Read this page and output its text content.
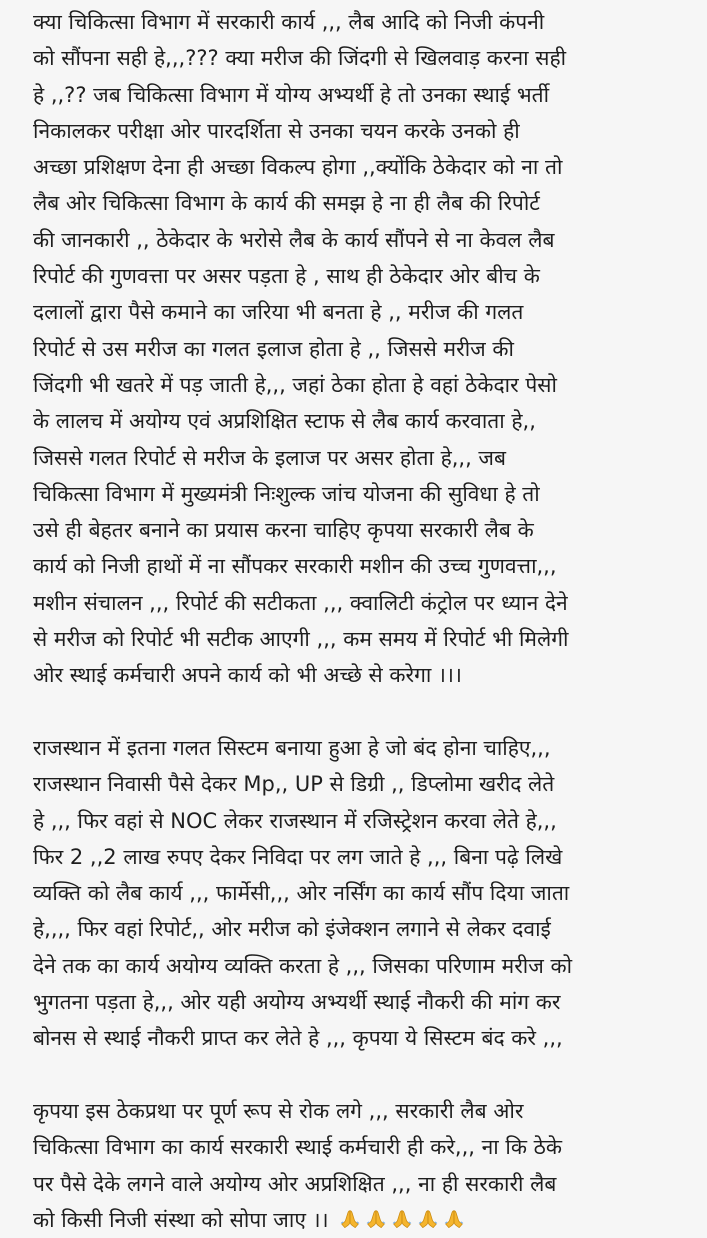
क्या चिकित्सा विभाग में सरकारी कार्य ,,, लैब आदि को निजी कंपनी
को सौंपना सही हे,,,??? क्या मरीज की जिंदगी से खिलवाड़ करना सही
हे ,,?? जब चिकित्सा विभाग में योग्य अभ्यर्थी हे तो उनका स्थाई भर्ती
निकालकर परीक्षा ओर पारदर्शिता से उनका चयन करके उनको ही
अच्छा प्रशिक्षण देना ही अच्छा विकल्प होगा ,,क्योंकि ठेकेदार को ना तो
लैब ओर चिकित्सा विभाग के कार्य की समझ हे ना ही लैब की रिपोर्ट
की जानकारी ,, ठेकेदार के भरोसे लैब के कार्य सौंपने से ना केवल लैब
रिपोर्ट की गुणवत्ता पर असर पड़ता हे , साथ ही ठेकेदार ओर बीच के
दलालों द्वारा पैसे कमाने का जरिया भी बनता हे ,, मरीज की गलत
रिपोर्ट से उस मरीज का गलत इलाज होता हे ,, जिससे मरीज की
जिंदगी भी खतरे में पड़ जाती हे,,, जहां ठेका होता हे वहां ठेकेदार पेसो
के लालच में अयोग्य एवं अप्रशिक्षित स्टाफ से लैब कार्य करवाता हे,,
जिससे गलत रिपोर्ट से मरीज के इलाज पर असर होता हे,,, जब
चिकित्सा विभाग में मुख्यमंत्री निःशुल्क जांच योजना की सुविधा हे तो
उसे ही बेहतर बनाने का प्रयास करना चाहिए कृपया सरकारी लैब के
कार्य को निजी हाथों में ना सौंपकर सरकारी मशीन की उच्च गुणवत्ता,,,
मशीन संचालन ,,, रिपोर्ट की सटीकता ,,, क्वालिटी कंट्रोल पर ध्यान देने
से मरीज को रिपोर्ट भी सटीक आएगी ,,, कम समय में रिपोर्ट भी मिलेगी
ओर स्थाई कर्मचारी अपने कार्य को भी अच्छे से करेगा ।।।

राजस्थान में इतना गलत सिस्टम बनाया हुआ हे जो बंद होना चाहिए,,,
राजस्थान निवासी पैसे देकर Mp,, UP से डिग्री ,, डिप्लोमा खरीद लेते
हे ,,, फिर वहां से NOC लेकर राजस्थान में रजिस्ट्रेशन करवा लेते हे,,,
फिर 2 ,,2 लाख रुपए देकर निविदा पर लग जाते हे ,,, बिना पढ़े लिखे
व्यक्ति को लैब कार्य ,,, फार्मेसी,,, ओर नर्सिंग का कार्य सौंप दिया जाता
हे,,,, फिर वहां रिपोर्ट,, ओर मरीज को इंजेक्शन लगाने से लेकर दवाई
देने तक का कार्य अयोग्य व्यक्ति करता हे ,,, जिसका परिणाम मरीज को
भुगतना पड़ता हे,,, ओर यही अयोग्य अभ्यर्थी स्थाई नौकरी की मांग कर
बोनस से स्थाई नौकरी प्राप्त कर लेते हे ,,, कृपया ये सिस्टम बंद करे ,,,

कृपया इस ठेकप्रथा पर पूर्ण रूप से रोक लगे ,,, सरकारी लैब ओर
चिकित्सा विभाग का कार्य सरकारी स्थाई कर्मचारी ही करे,,, ना कि ठेके
पर पैसे देके लगने वाले अयोग्य ओर अप्रशिक्षित ,,, ना ही सरकारी लैब
को किसी निजी संस्था को सोपा जाए ।।
